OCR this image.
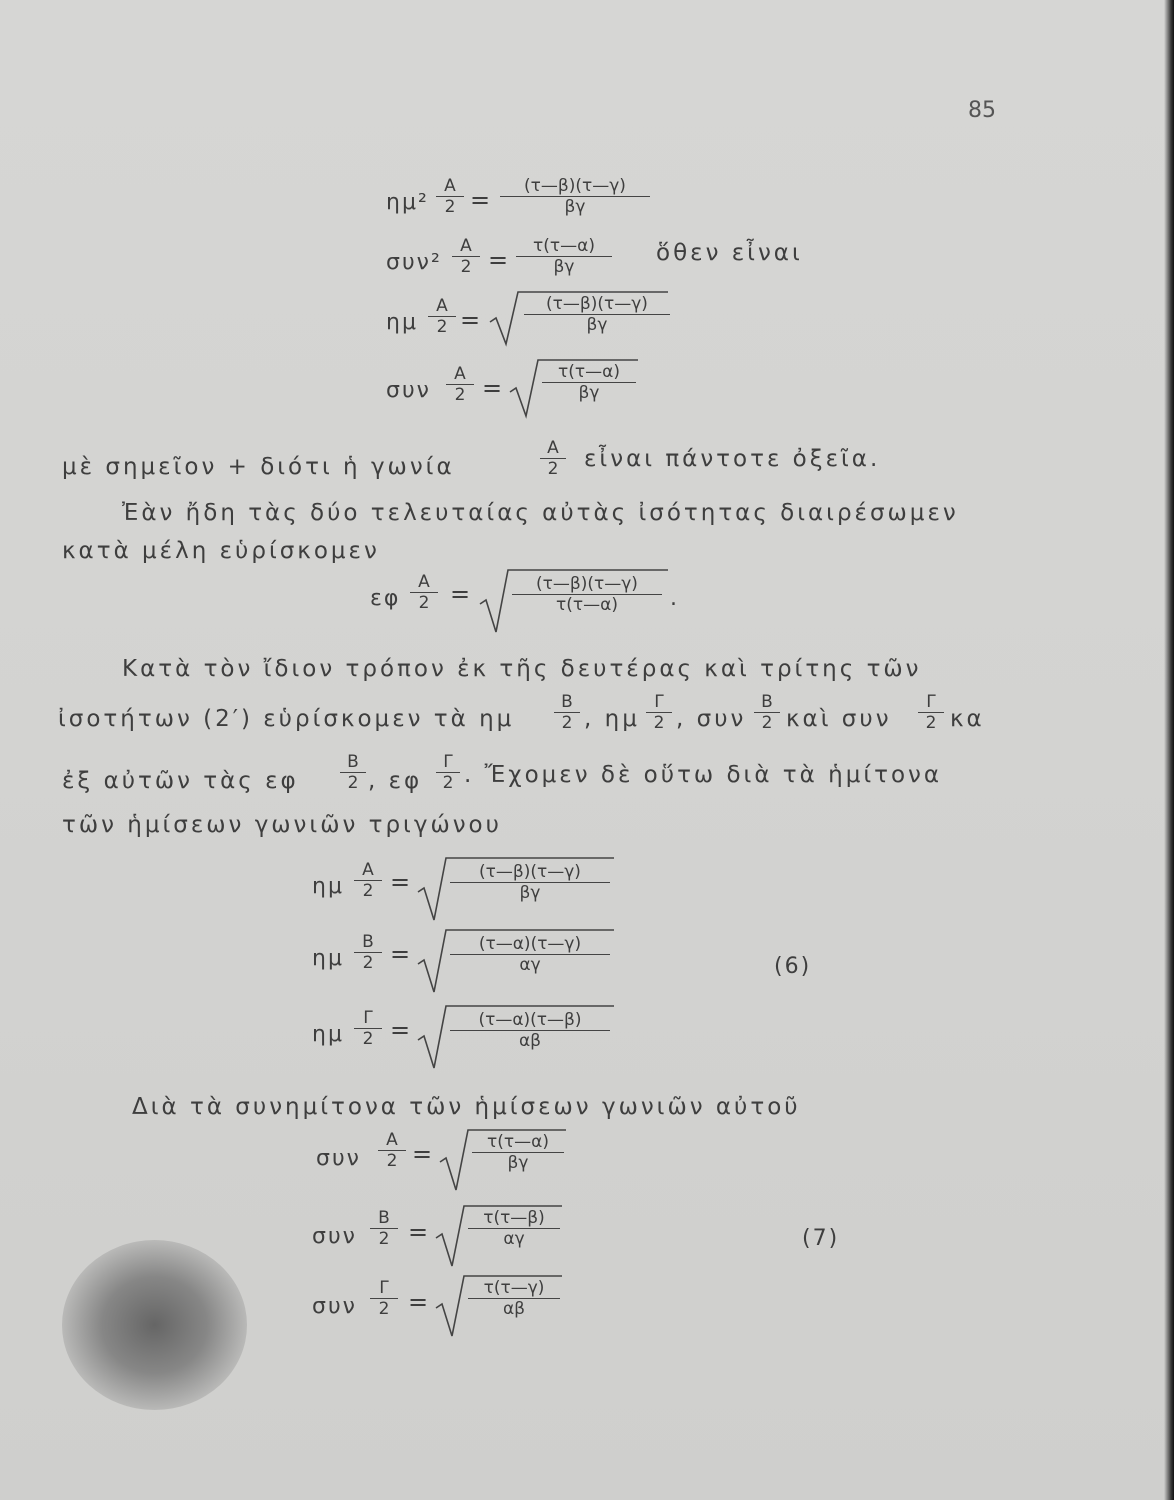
85
$\eta\mu^2 \frac{A}{2} = \frac{(\tau—\beta)(\tau—\gamma)}{\beta\gamma}$
$\sigma\upsilon\nu^2 \frac{A}{2} = \frac{\tau(\tau—\alpha)}{\beta\gamma}$ ὅθεν εἶναι
ημ $\frac{A}{2}$ =	$\frac{(\tau—\beta)(\tau—\gamma)}{\beta\gamma}$
συν $\frac{A}{2} = \frac{\tau(\tau—\alpha)}{\beta\gamma}$
μὲ σημεῖον + διότι ἡ γωνία	$\frac{A}{2}$ εἶναι πάντοτε ὀξεῖα.
Ἐὰν ἤδη τὰς δύο τελευταίας αὐτὰς ἰσότητας διαιρέσωμεν
κατὰ μέλη εὑρίσκομεν
εφ $\frac{A}{2} = \frac{(\tau—\beta)(\tau—\gamma)}{\tau(\tau—\alpha)}$ .
Κατὰ τὸν ἴδιον τρόπον ἐκ τῆς δευτέρας καὶ τρίτης τῶν
ἰσοτήτων (2′) εὑρίσκομεν τὰ ημ $\frac{B}{2}$ , ημ $\frac{\Gamma}{2}$ , συν $\frac{B}{2}$ καὶ συν $\frac{\Gamma}{2}$ κα
ἐξ αὐτῶν τὰς εφ $\frac{B}{2}$ , εφ $\frac{\Gamma}{2}$ . Ἔχομεν δὲ οὕτω διὰ τὰ ἡμίτονα
τῶν ἡμίσεων γωνιῶν τριγώνου
ημ $\frac{A}{2} = \frac{(\tau—\beta)(\tau—\gamma)}{\beta\gamma}$
ημ $\frac{B}{2} = \frac{(\tau—\alpha)(\tau—\gamma)}{\alpha\gamma}$	(6)
ημ $\frac{\Gamma}{2} = \frac{(\tau—\alpha)(\tau—\beta)}{\alpha\beta}$
Διὰ τὰ συνημίτονα τῶν ἡμίσεων γωνιῶν αὐτοῦ
συν $\frac{A}{2} = \frac{\tau(\tau—\alpha)}{\beta\gamma}$
συν $\frac{B}{2} = \frac{\tau(\tau—\beta)}{\alpha\gamma}$	(7)
συν $\frac{\Gamma}{2} = \frac{\tau(\tau—\gamma)}{\alpha\beta}$
